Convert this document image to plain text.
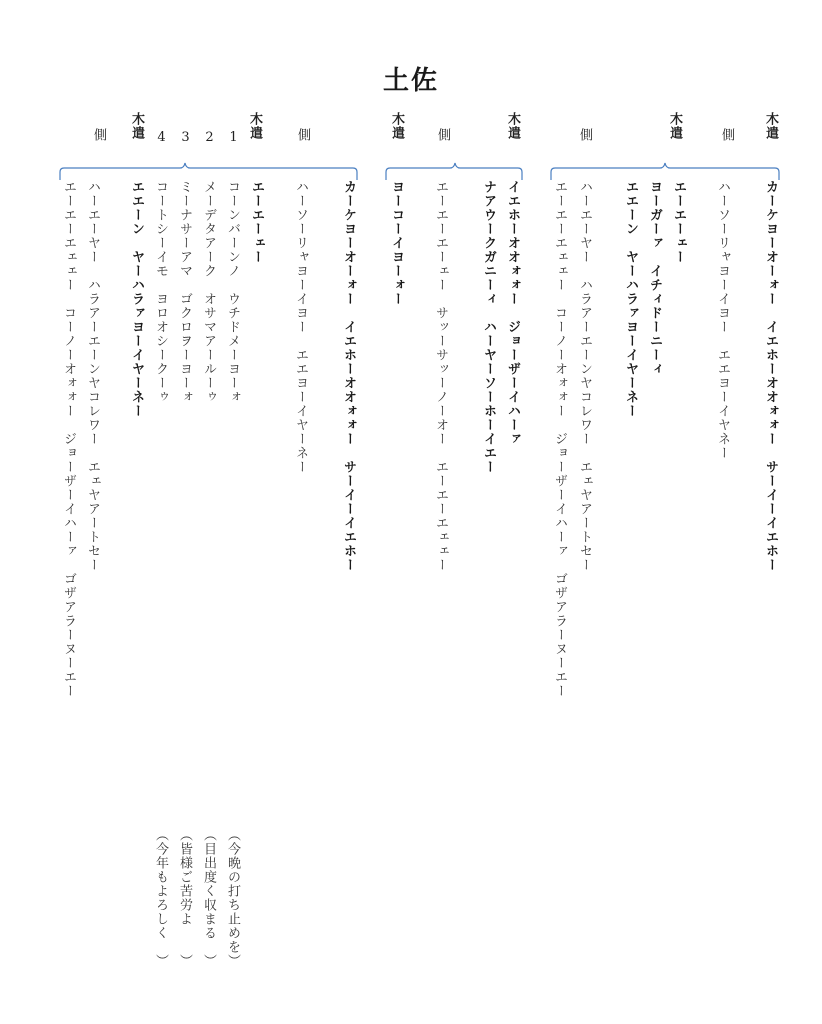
土佐
木遣
側
木遣
側
木遣
側
木遣
側
木遣
1
2
3
4
木遣
側
カーケヨーオーォー　イエホーオオォォー　サーイーイエホー
ハーソーリャヨーイヨー　エエヨーイヤネー
エーエーェー
ヨーガーァ　イチィドーニーィ
エエーン　ヤーハラァヨーイヤーネー
ハーエーヤー　ハラアーエーンヤコレワー　エェヤアートセー
エーエーエェェー　コーノーオォォー　ジョーザーイハーァ　ゴザアラーヌーエー
イエホーオオォォー　ジョーザーイハーァ
ナアウークガニーィ　ハーヤーソーホーイエー
エーエーエーェー　サッーサッーノーオー　エーエーエェェー
ヨーコーイヨーォー
カーケヨーオーォー　イエホーオオォォー　サーイーイエホー
ハーソーリャヨーイヨー　エエヨーイヤーネー
エーエーェー
コーンバーンノ　ウチドメーヨーォ
メーデタアーク　オサマアールーゥ
ミーナサーアマ　ゴクロヲーヨーォ
コートシーイモ　ヨロオシークーゥ
エエーン　ヤーハラァヨーイヤーネー
ハーエーヤー　ハラアーエーンヤコレワー　エェヤアートセー
エーエーエェェー　コーノーオォォー　ジョーザーイハーァ　ゴザアラーヌーエー
（今晩の打ち止めを）
（目出度く収まる　）
（皆様ご苦労よ　　）
（今年もよろしく　）
